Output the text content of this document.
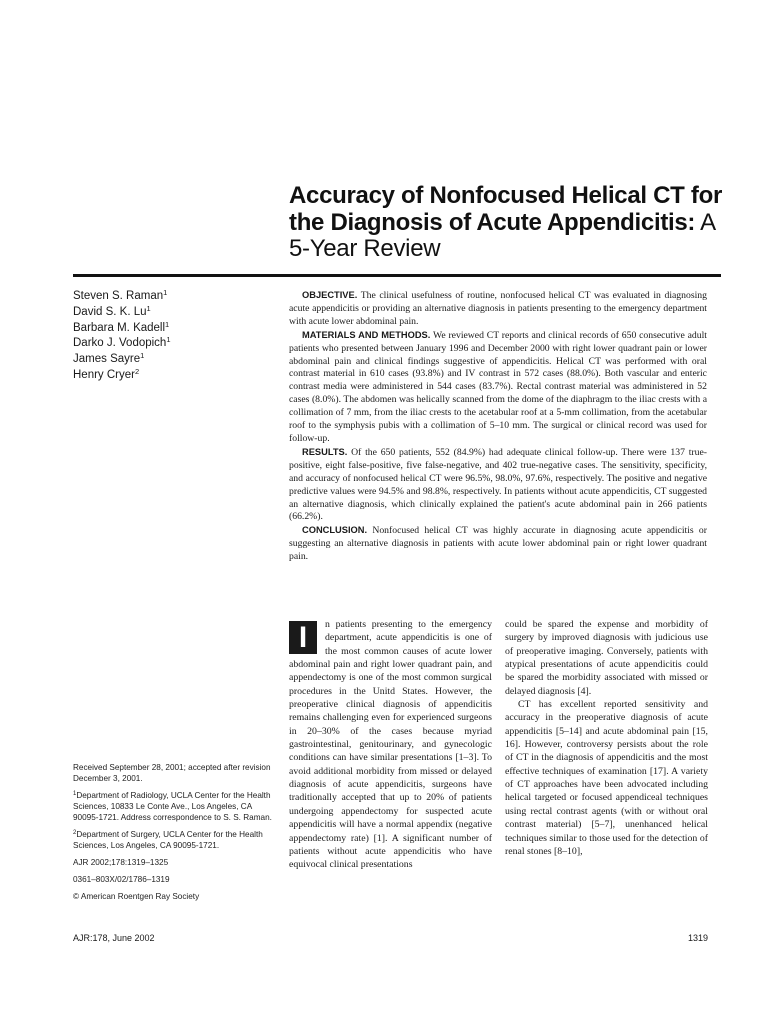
Accuracy of Nonfocused Helical CT for the Diagnosis of Acute Appendicitis: A 5-Year Review
Steven S. Raman$^1$
David S. K. Lu$^1$
Barbara M. Kadell$^1$
Darko J. Vodopich$^1$
James Sayre$^1$
Henry Cryer$^2$

OBJECTIVE. The clinical usefulness of routine, nonfocused helical CT was evaluated in diagnosing acute appendicitis or providing an alternative diagnosis in patients presenting to the emergency department with acute lower abdominal pain.

MATERIALS AND METHODS. We reviewed CT reports and clinical records of 650 consecutive adult patients who presented between January 1996 and December 2000 with right lower quadrant pain or lower abdominal pain and clinical findings suggestive of appendicitis. Helical CT was performed with oral contrast material in 610 cases (93.8%) and IV contrast in 572 cases (88.0%). Both vascular and enteric contrast media were administered in 544 cases (83.7%). Rectal contrast material was administered in 52 cases (8.0%). The abdomen was helically scanned from the dome of the diaphragm to the iliac crests with a collimation of 7 mm, from the iliac crests to the acetabular roof at a 5-mm collimation, from the acetabular roof to the symphysis pubis with a collimation of 5–10 mm. The surgical or clinical record was used for follow-up.

RESULTS. Of the 650 patients, 552 (84.9%) had adequate clinical follow-up. There were 137 true-positive, eight false-positive, five false-negative, and 402 true-negative cases. The sensitivity, specificity, and accuracy of nonfocused helical CT were 96.5%, 98.0%, 97.6%, respectively. The positive and negative predictive values were 94.5% and 98.8%, respectively. In patients without acute appendicitis, CT suggested an alternative diagnosis, which clinically explained the patient's acute abdominal pain in 266 patients (66.2%).

CONCLUSION. Nonfocused helical CT was highly accurate in diagnosing acute appendicitis or suggesting an alternative diagnosis in patients with acute lower abdominal pain or right lower quadrant pain.

I	n patients presenting to the emergency department, acute appendicitis is one of the most common causes of acute lower abdominal pain and right lower quadrant pain, and appendectomy is one of the most common surgical procedures in the Unitd States. However, the preoperative clinical diagnosis of appendicitis remains challenging even for experienced surgeons in 20–30% of the cases because myriad gastrointestinal, genitourinary, and gynecologic conditions can have similar presentations [1–3]. To avoid additional morbidity from missed or delayed diagnosis of acute appendicitis, surgeons have traditionally accepted that up to 20% of patients undergoing appendectomy for suspected acute appendicitis will have a normal appendix (negative appendectomy rate) [1]. A significant number of patients without acute appendicitis who have equivocal clinical presentations

could be spared the expense and morbidity of surgery by improved diagnosis with judicious use of preoperative imaging. Conversely, patients with atypical presentations of acute appendicitis could be spared the morbidity associated with missed or delayed diagnosis [4].

CT has excellent reported sensitivity and accuracy in the preoperative diagnosis of acute appendicitis [5–14] and acute abdominal pain [15, 16]. However, controversy persists about the role of CT in the diagnosis of appendicitis and the most effective techniques of examination [17]. A variety of CT approaches have been advocated including helical targeted or focused appendiceal techniques using rectal contrast agents (with or without oral contrast material) [5–7], unenhanced helical techniques similar to those used for the detection of renal stones [8–10],

Received September 28, 2001; accepted after revision December 3, 2001.

$^1$Department of Radiology, UCLA Center for the Health Sciences, 10833 Le Conte Ave., Los Angeles, CA 90095-1721. Address correspondence to S. S. Raman.

$^2$Department of Surgery, UCLA Center for the Health Sciences, Los Angeles, CA 90095-1721.

AJR 2002;178:1319–1325

0361–803X/02/1786–1319

© American Roentgen Ray Society

AJR:178, June 2002	1319
